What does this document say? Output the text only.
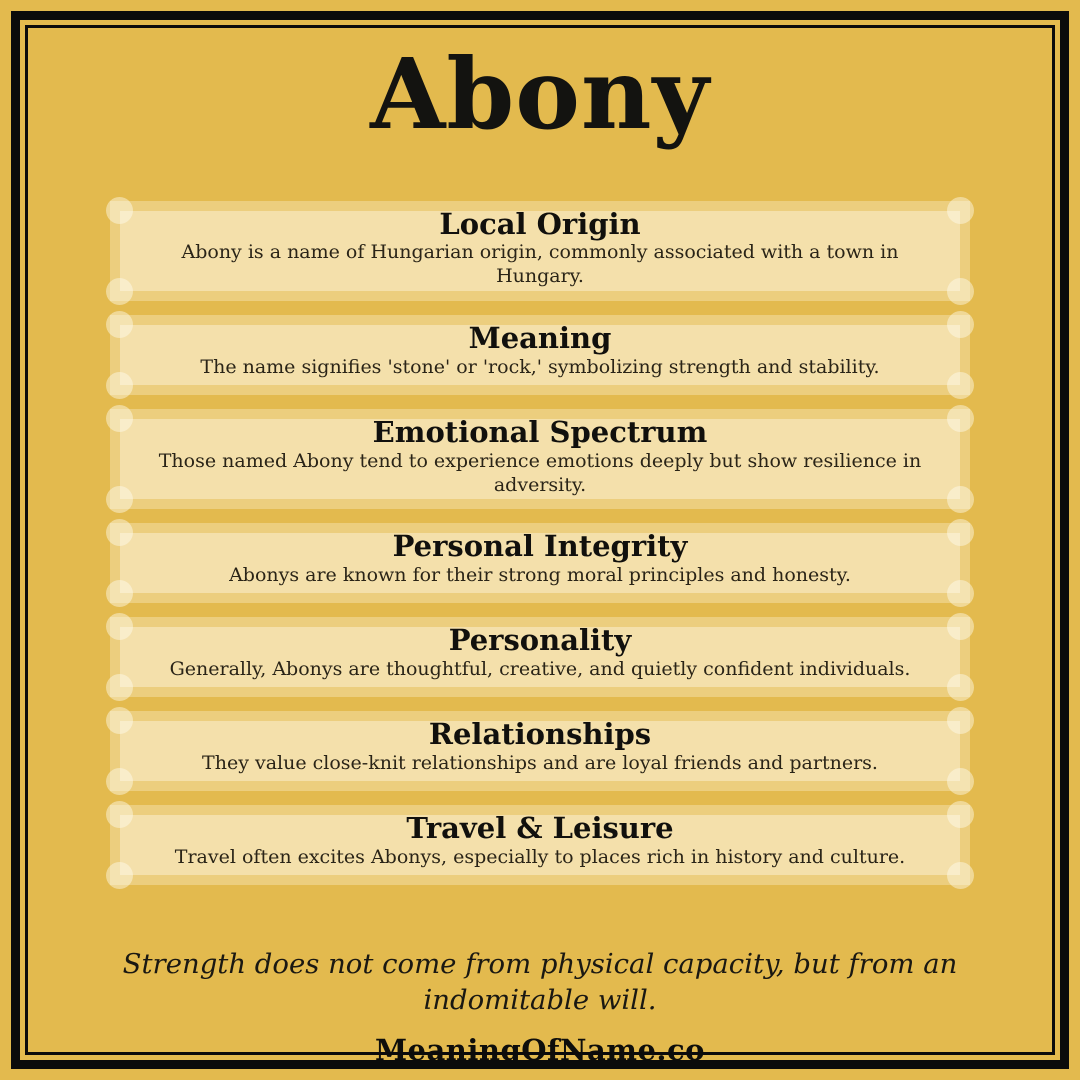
Abony
Local Origin
Abony is a name of Hungarian origin, commonly associated with a town in Hungary.
Meaning
The name signifies 'stone' or 'rock,' symbolizing strength and stability.
Emotional Spectrum
Those named Abony tend to experience emotions deeply but show resilience in adversity.
Personal Integrity
Abonys are known for their strong moral principles and honesty.
Personality
Generally, Abonys are thoughtful, creative, and quietly confident individuals.
Relationships
They value close-knit relationships and are loyal friends and partners.
Travel & Leisure
Travel often excites Abonys, especially to places rich in history and culture.
Strength does not come from physical capacity, but from an indomitable will.
MeaningOfName.co
